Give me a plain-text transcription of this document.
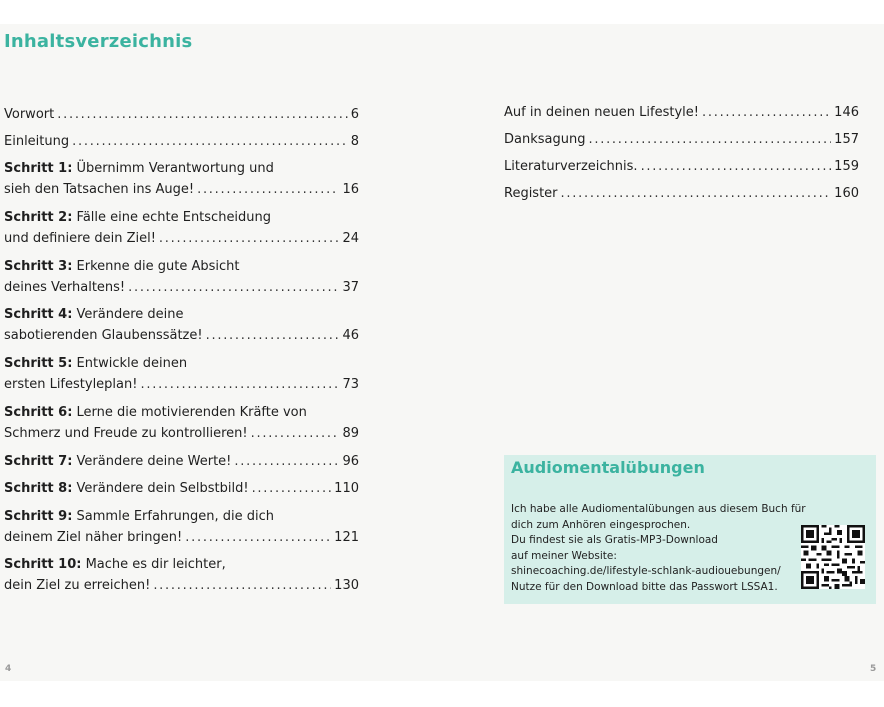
Inhaltsverzeichnis
Vorwort . . .	6
Einleitung . . .	8
Schritt 1: Übernimm Verantwortung und
sieh den Tatsachen ins Auge! . . .	16
Schritt 2: Fälle eine echte Entscheidung
und definiere dein Ziel! . . .	24
Schritt 3: Erkenne die gute Absicht
deines Verhaltens! . . .	37
Schritt 4: Verändere deine
sabotierenden Glaubenssätze! . . .	46
Schritt 5: Entwickle deinen
ersten Lifestyleplan! . . .	73
Schritt 6: Lerne die motivierenden Kräfte von
Schmerz und Freude zu kontrollieren! . . .	89
Schritt 7: Verändere deine Werte! . . .	96
Schritt 8: Verändere dein Selbstbild! . . .	110
Schritt 9: Sammle Erfahrungen, die dich
deinem Ziel näher bringen! . . .	121
Schritt 10: Mache es dir leichter,
dein Ziel zu erreichen! . . .	130
Auf in deinen neuen Lifestyle! . . .	146
Danksagung . . .	157
Literaturverzeichnis. . . .	159
Register . . .	160
Audiomentalübungen
Ich habe alle Audiomentalübungen aus diesem Buch für
dich zum Anhören eingesprochen.
Du findest sie als Gratis-MP3-Download
auf meiner Website:
shinecoaching.de/lifestyle-schlank-audiouebungen/
Nutze für den Download bitte das Passwort LSSA1.
4	5
